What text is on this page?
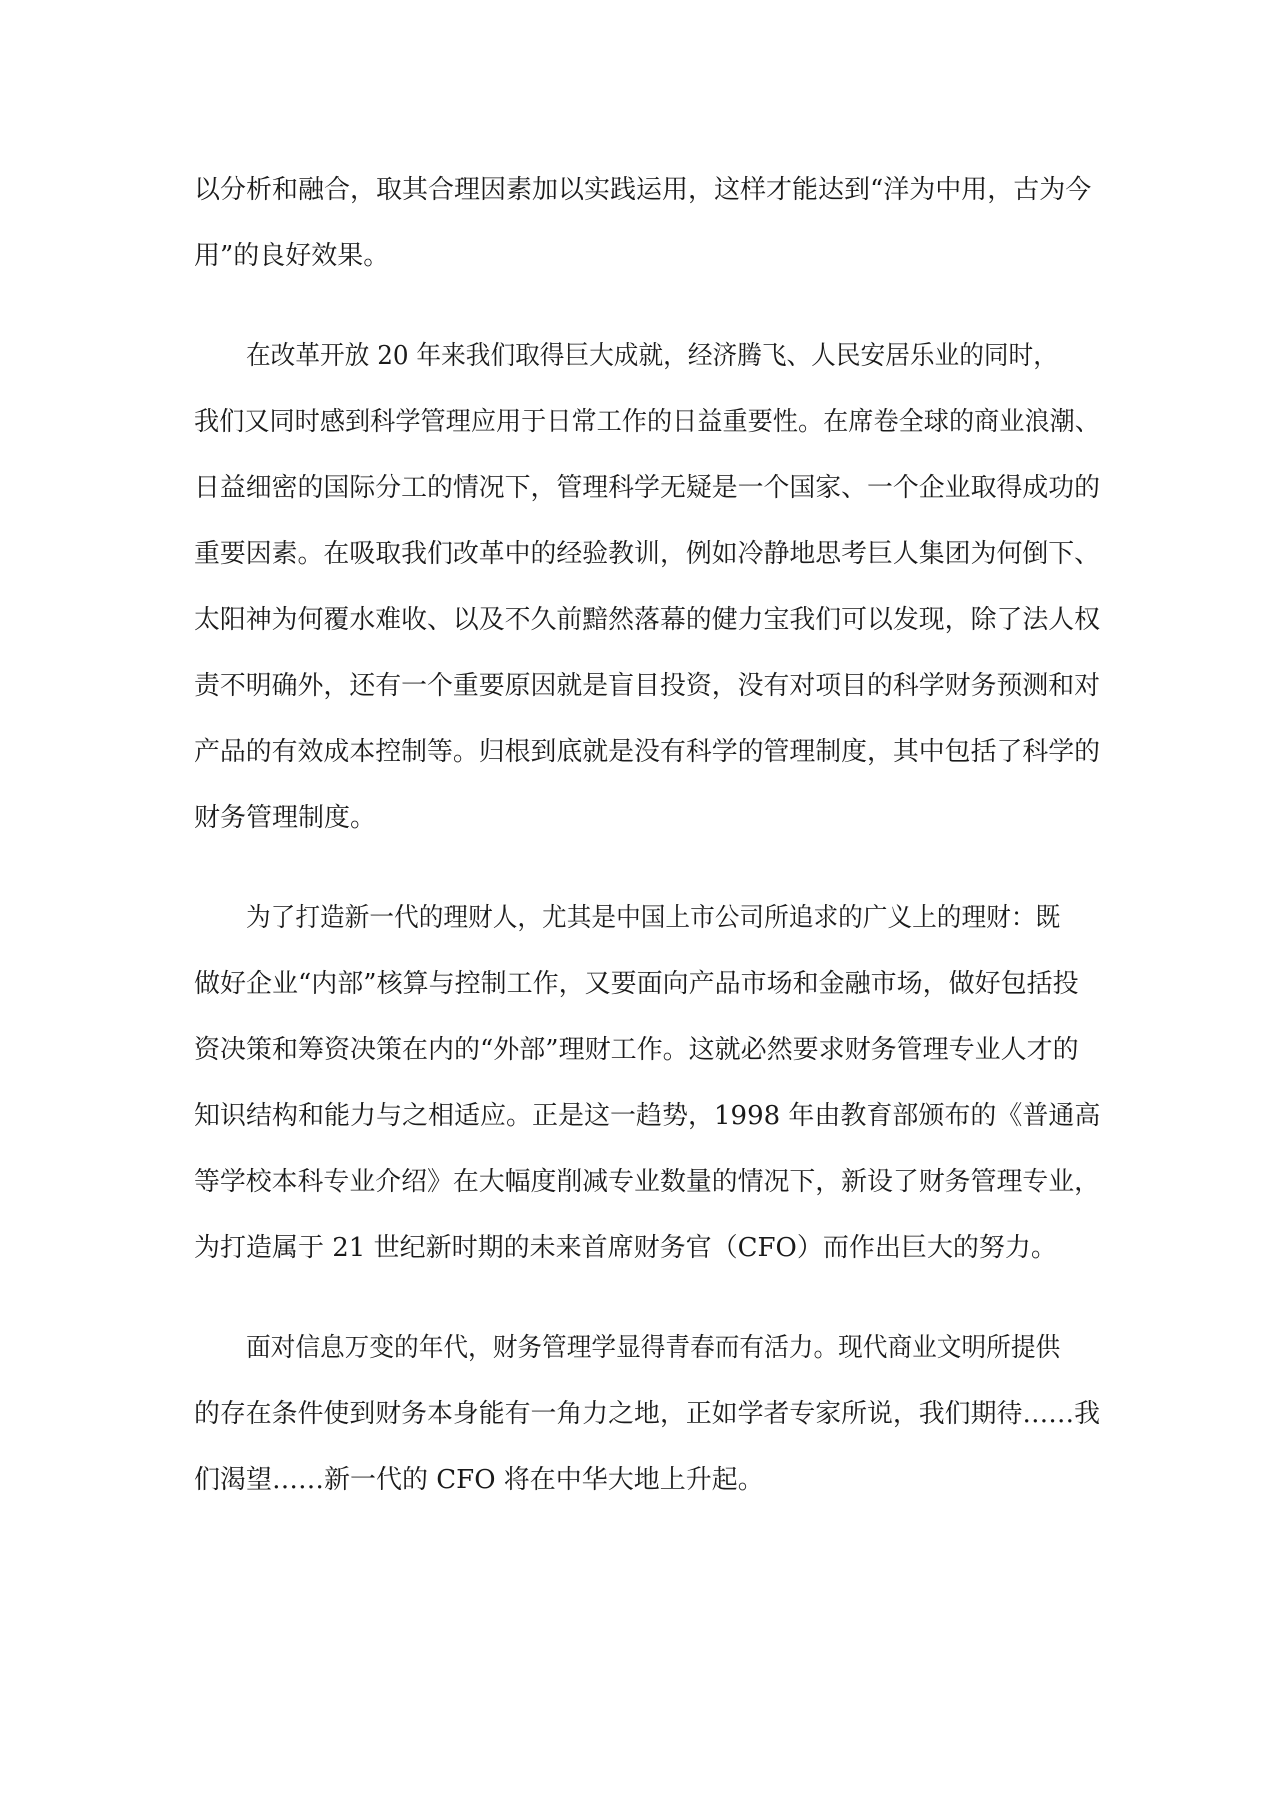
以分析和融合，取其合理因素加以实践运用，这样才能达到“洋为中用，古为今
用”的良好效果。
在改革开放 20 年来我们取得巨大成就，经济腾飞、人民安居乐业的同时，
我们又同时感到科学管理应用于日常工作的日益重要性。在席卷全球的商业浪潮、
日益细密的国际分工的情况下，管理科学无疑是一个国家、一个企业取得成功的
重要因素。在吸取我们改革中的经验教训，例如冷静地思考巨人集团为何倒下、
太阳神为何覆水难收、以及不久前黯然落幕的健力宝我们可以发现，除了法人权
责不明确外，还有一个重要原因就是盲目投资，没有对项目的科学财务预测和对
产品的有效成本控制等。归根到底就是没有科学的管理制度，其中包括了科学的
财务管理制度。
为了打造新一代的理财人，尤其是中国上市公司所追求的广义上的理财：既
做好企业“内部”核算与控制工作，又要面向产品市场和金融市场，做好包括投
资决策和筹资决策在内的“外部”理财工作。这就必然要求财务管理专业人才的
知识结构和能力与之相适应。正是这一趋势，1998 年由教育部颁布的《普通高
等学校本科专业介绍》在大幅度削减专业数量的情况下，新设了财务管理专业，
为打造属于 21 世纪新时期的未来首席财务官（CFO）而作出巨大的努力。
面对信息万变的年代，财务管理学显得青春而有活力。现代商业文明所提供
的存在条件使到财务本身能有一角力之地，正如学者专家所说，我们期待……我
们渴望……新一代的 CFO 将在中华大地上升起。
